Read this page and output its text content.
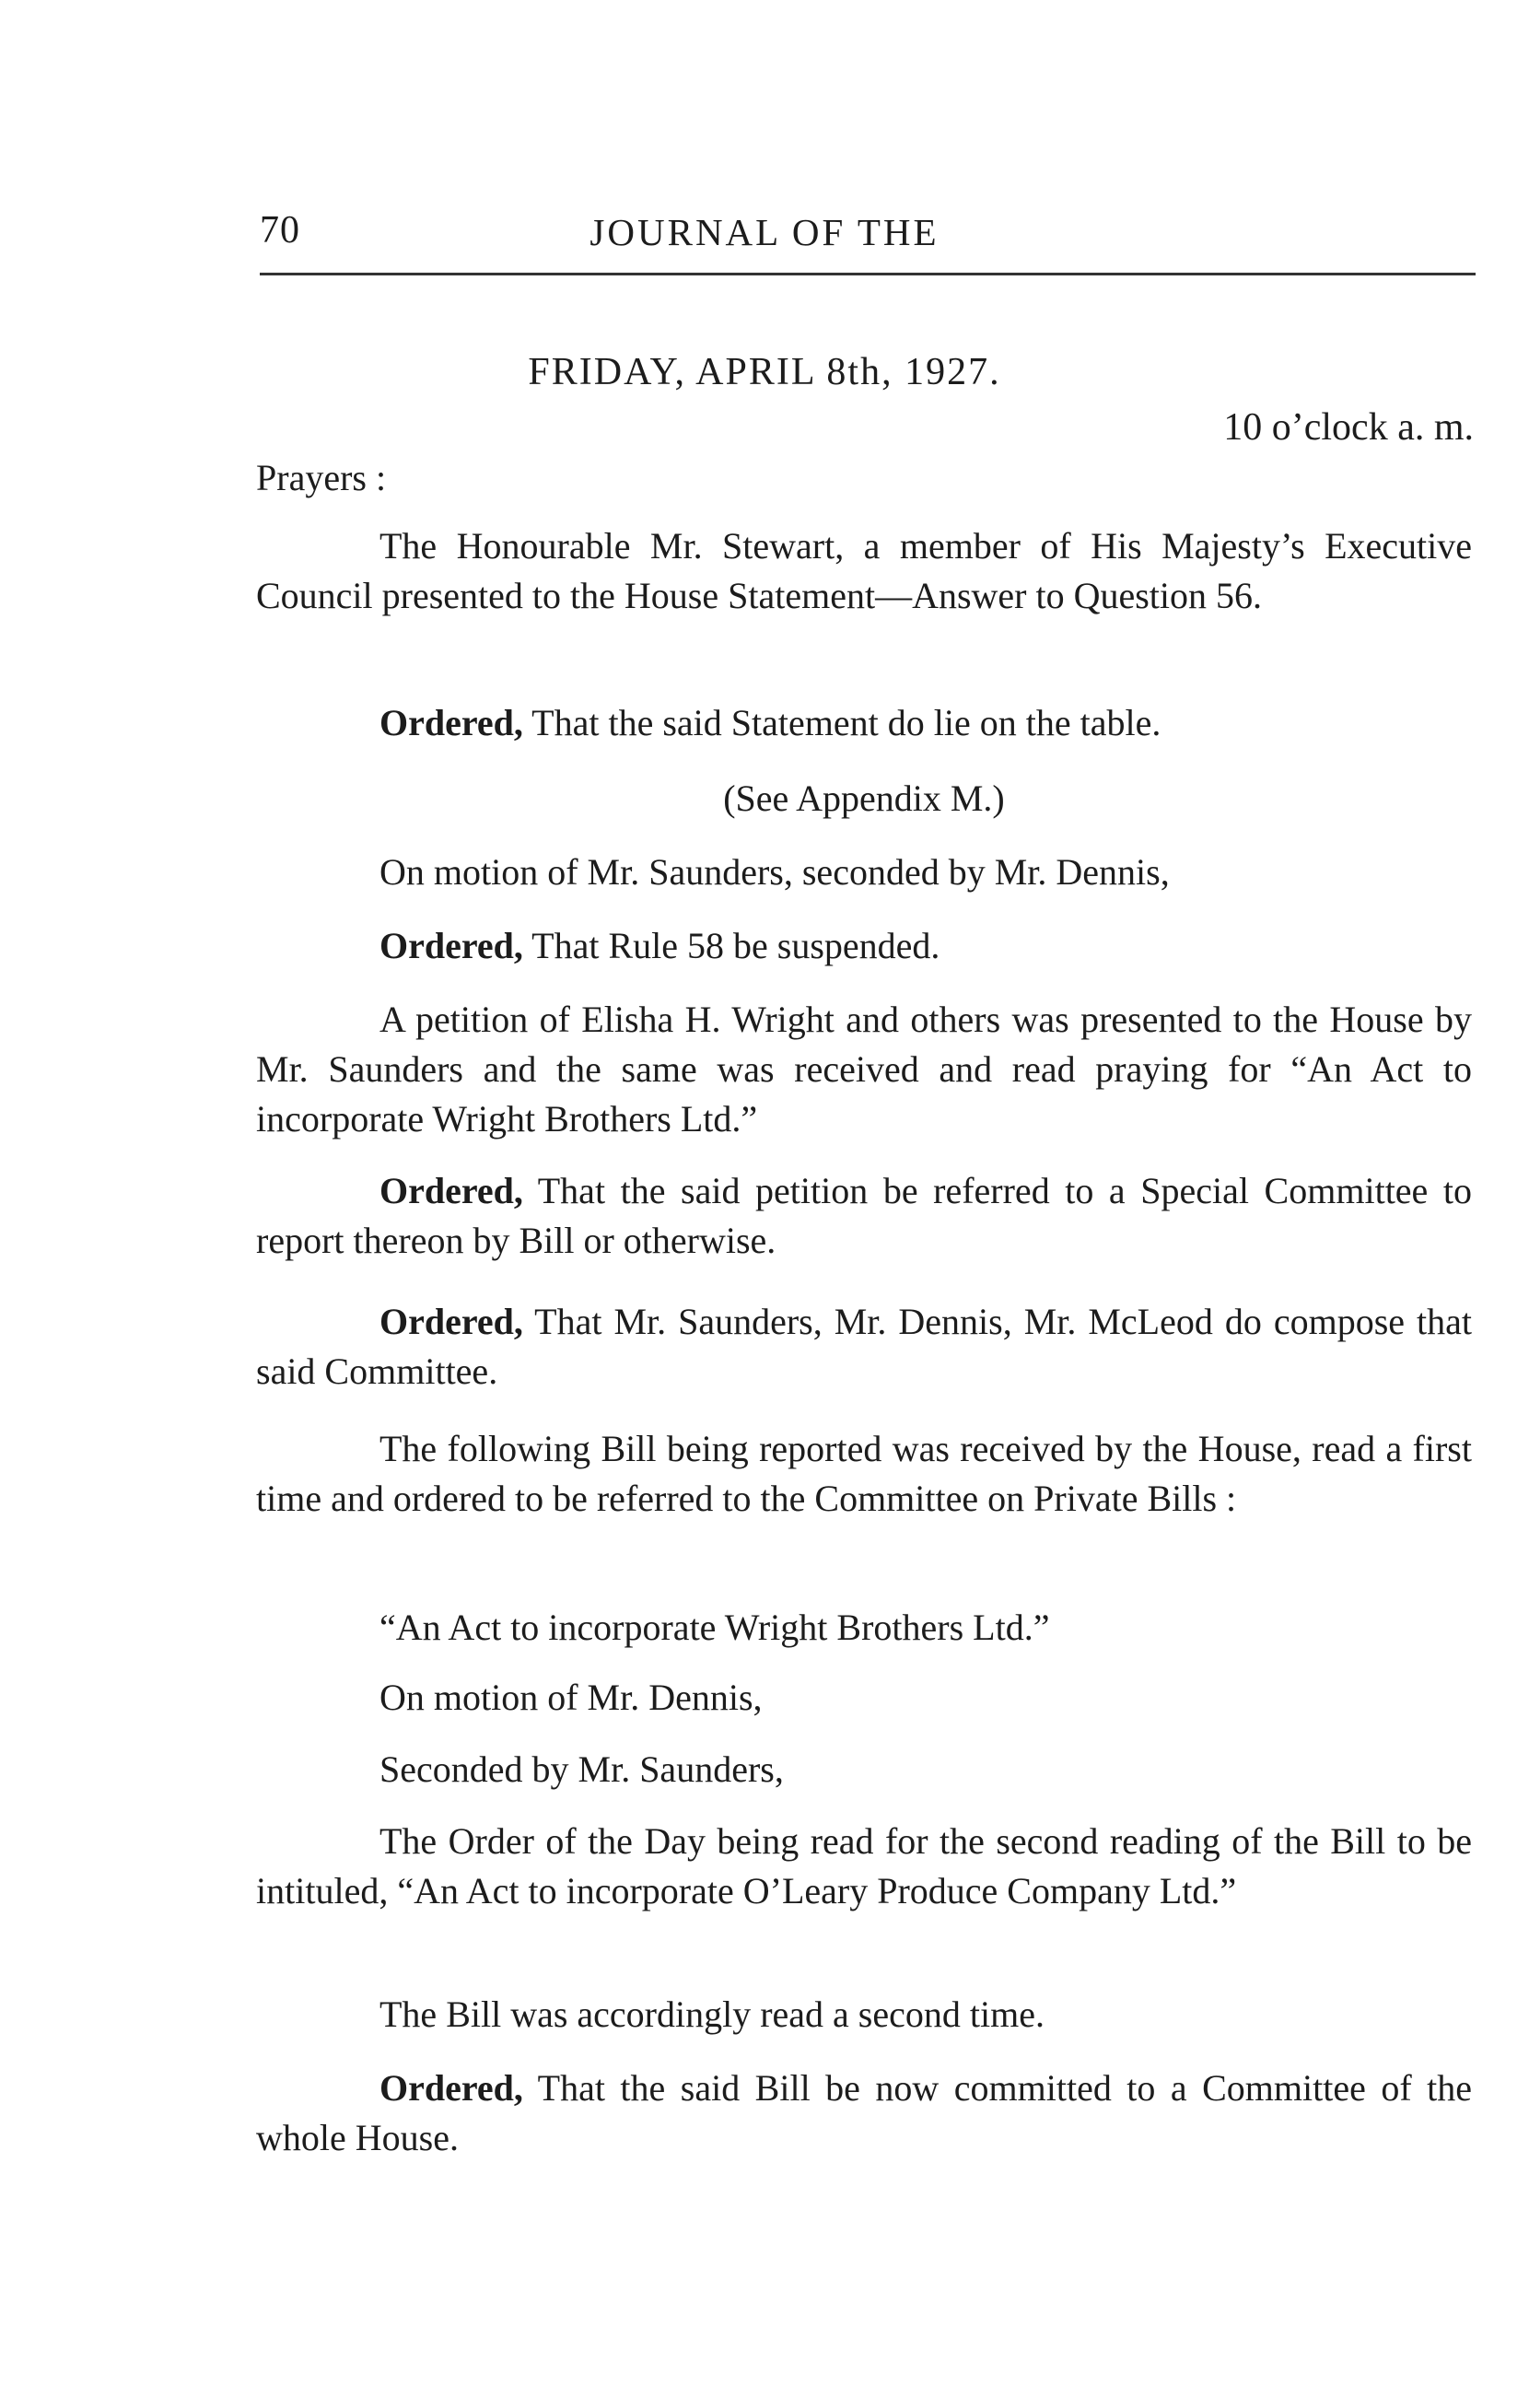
70	JOURNAL OF THE
FRIDAY, APRIL 8th, 1927.
10 o’clock a. m.

Prayers :

The Honourable Mr. Stewart, a member of His Majesty’s Executive Council presented to the House Statement—Answer to Question 56.

Ordered, That the said Statement do lie on the table.

(See Appendix M.)

On motion of Mr. Saunders, seconded by Mr. Dennis,

Ordered, That Rule 58 be suspended.

A petition of Elisha H. Wright and others was presented to the House by Mr. Saunders and the same was received and read praying for “An Act to incorporate Wright Brothers Ltd.”

Ordered, That the said petition be referred to a Special Committee to report thereon by Bill or otherwise.

Ordered, That Mr. Saunders, Mr. Dennis, Mr. McLeod do compose that said Committee.

The following Bill being reported was received by the House, read a first time and ordered to be referred to the Committee on Private Bills :

“An Act to incorporate Wright Brothers Ltd.”

On motion of Mr. Dennis,

Seconded by Mr. Saunders,

The Order of the Day being read for the second reading of the Bill to be intituled, “An Act to incorporate O’Leary Produce Company Ltd.”

The Bill was accordingly read a second time.

Ordered, That the said Bill be now committed to a Committee of the whole House.
